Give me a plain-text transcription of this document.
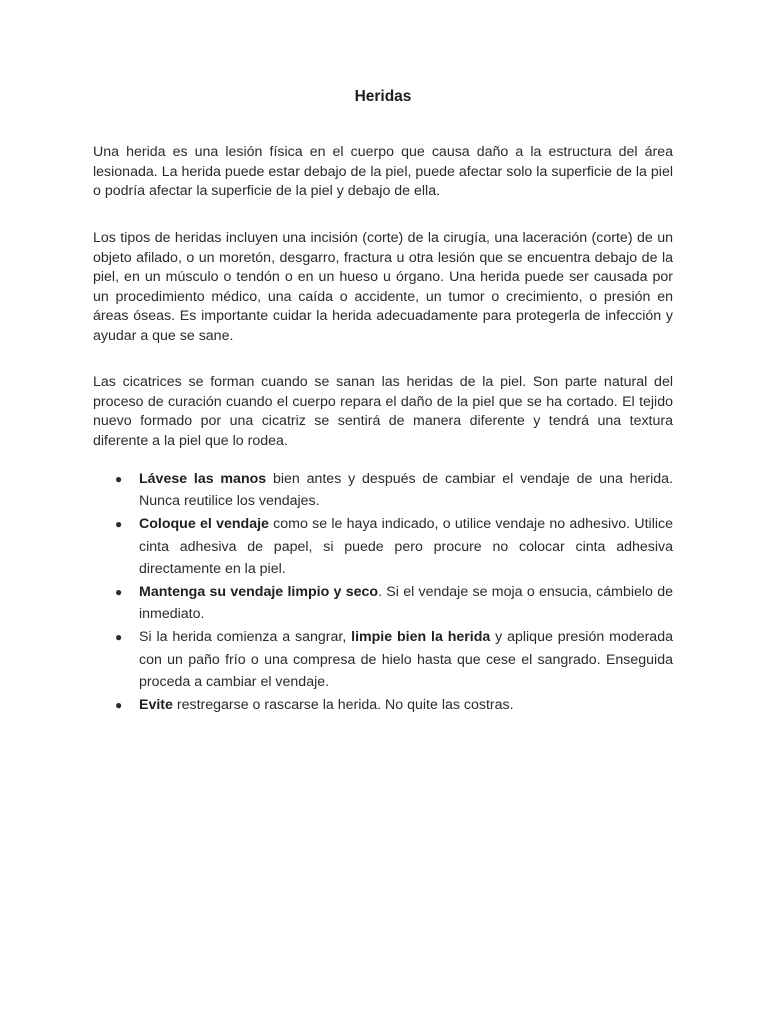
Heridas

Una herida es una lesión física en el cuerpo que causa daño a la estructura del área lesionada. La herida puede estar debajo de la piel, puede afectar solo la superficie de la piel o podría afectar la superficie de la piel y debajo de ella.

Los tipos de heridas incluyen una incisión (corte) de la cirugía, una laceración (corte) de un objeto afilado, o un moretón, desgarro, fractura u otra lesión que se encuentra debajo de la piel, en un músculo o tendón o en un hueso u órgano. Una herida puede ser causada por un procedimiento médico, una caída o accidente, un tumor o crecimiento, o presión en áreas óseas. Es importante cuidar la herida adecuadamente para protegerla de infección y ayudar a que se sane.

Las cicatrices se forman cuando se sanan las heridas de la piel. Son parte natural del proceso de curación cuando el cuerpo repara el daño de la piel que se ha cortado. El tejido nuevo formado por una cicatriz se sentirá de manera diferente y tendrá una textura diferente a la piel que lo rodea.

● Lávese las manos bien antes y después de cambiar el vendaje de una herida. Nunca reutilice los vendajes.
● Coloque el vendaje como se le haya indicado, o utilice vendaje no adhesivo. Utilice cinta adhesiva de papel, si puede pero procure no colocar cinta adhesiva directamente en la piel.
● Mantenga su vendaje limpio y seco. Si el vendaje se moja o ensucia, cámbielo de inmediato.
● Si la herida comienza a sangrar, limpie bien la herida y aplique presión moderada con un paño frío o una compresa de hielo hasta que cese el sangrado. Enseguida proceda a cambiar el vendaje.
● Evite restregarse o rascarse la herida. No quite las costras.
